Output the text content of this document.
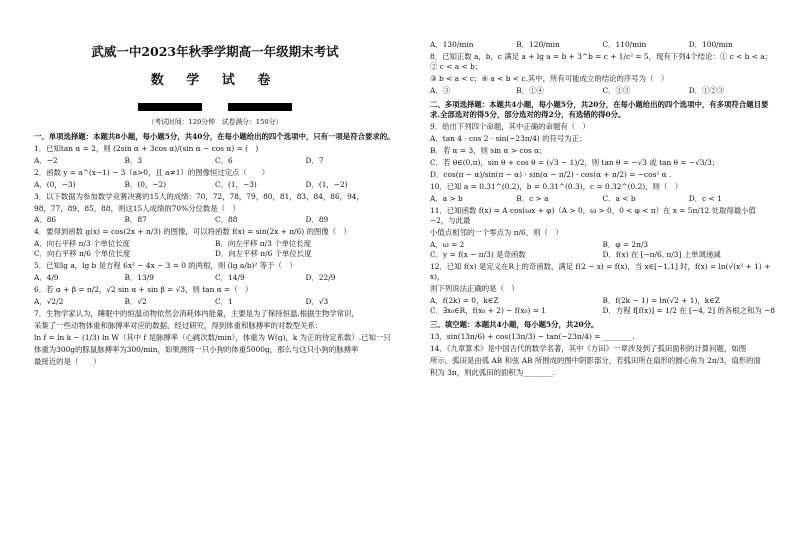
武威一中2023年秋季学期高一年级期末考试
数 学 试 卷
（考试时间：120分钟　试卷满分：150分）
一、单项选择题：本题共8小题，每小题5分，共40分，在每小题给出的四个选项中，只有一项是符合要求的。
1．已知tan α = 2，则 (2sin α + 3cos α)/(sin α − cos α) = (　)
A．−2	B．3	C．6	D．7
2．函数 y = a^(x−1) − 3（a>0，且 a≠1）的图像恒过定点（　　）
A．(0，−3)	B．(0，−2)	C．(1，−3)	D．(1，−2)
3．以下数据为参加数学竞赛决赛的15人的成绩：70，72，78，79，80，81，83，84，86，94，
98，77，89，85，88，则这15人成绩的70%分位数是（　）
A．86	B．87	C．88	D．89
4．要得到函数 g(x) = cos(2x + π/3) 的图像，可以将函数 f(x) = sin(2x + π/6) 的图像（　）
A．向右平移 π/3 个单位长度	B．向左平移 π/3 个单位长度
C．向右平移 π/6 个单位长度	D．向左平移 π/6 个单位长度
5．已知lg a，lg b 是方程 6x² − 4x − 3 = 0 的两根，则 (lg a/b)² 等于（　）
A．4/9	B．13/9	C．14/9	D．22/9
6．若 α + β = π/2，√2 sin α + sin β = √3，则 tan α =（　）
A．√2/2	B．√2	C．1	D．√3
7．生物学家认为，睡眠中的恒温动物依然会消耗体内能量，主要是为了保持恒温.根据生物学常识，
采集了一些动物体重和脉搏率对应的数据，经过研究，得到体重和脉搏率的对数型关系：
ln f = ln k − (1/3) ln W（其中 f 是脉搏率（心跳次数/min），体重为 W(g)，k 为正的待定系数）.已知一只
体重为300g的豚鼠脉搏率为300/min，如果测得一只小狗的体重5000g，那么与这只小狗的脉搏率
最接近的是（　　）
A．130/min	B．120/min	C．110/min	D．100/min
8．已知正数 a，b，c 满足 a + lg a = b + 3^b = c + 1/c² = 5，现有下列4个结论：① c < b < a；② c < a < b；
③ b < a < c；④ a < b < c.其中，所有可能成立的结论的序号为（　）
A．③	B．①④	C．①③	D．①②③
二、多项选择题：本题共4小题，每小题5分，共20分，在每小题给出的四个选项中，有多项符合题目要求.全部选对的得5分，部分选对的得2分，有选错的得0分。
9．给出下列四个命题，其中正确的命题有（　）
A．tan 4 · cos 2 · sin(−23π/4) 的符号为正；
B．若 α = 3，则 sin α > cos α；
C．若 θ∈(0,π)，sin θ + cos θ = (√3 − 1)/2，则 tan θ = −√3 或 tan θ = −√3/3；
D．cos(π − α)/sin(π − α) · sin(α − π/2) · cos(α + π/2) = −cos² α .
10．已知 a = 0.31^(0.2)，b = 0.31^(0.3)，c = 0.32^(0.2)，则（　）
A．a > b	B．c > a	C．a < b	D．c < 1
11．已知函数 f(x) = A cos(ωx + φ)（A > 0，ω > 0，0 < φ < π）在 x = 5π/12 处取得最小值 −2，与此最
小值点相邻的一个零点为 π/6，则（　）
A．ω = 2	B．φ = 2π/3
C．y = f(x − π/3) 是奇函数	D．f(x) 在 [−π/6, π/3] 上单调递减
12．已知 f(x) 是定义在R上的奇函数，满足 f(2 − x) = f(x)，当 x∈[−1,1] 时，f(x) = ln(√(x² + 1) + x)，
则下列说法正确的是（　）
A．f(2k) = 0，k∈Z	B．f(2k − 1) = ln(√2 + 1)，k∈Z
C．∃x₀∈R，f(x₀ + 2) − f(x₀) = 1	D．方程 f[f(x)] = 1/2 在 [−4, 2] 的各根之和为 −8
三、填空题：本题共4小题，每小题5分，共20分。
13．sin(13π/6) + cos(13π/3) − tan(−23π/4) = ________.
14．《九章算术》是中国古代的数学名著，其中《方田》一章涉及到了弧田面积的计算问题，如图
所示，弧田是由弧 AB 和弦 AB 所围成的图中阴影部分，若弧田所在扇形的圆心角为 2π/3，扇形的面
积为 3π，则此弧田的面积为________.
